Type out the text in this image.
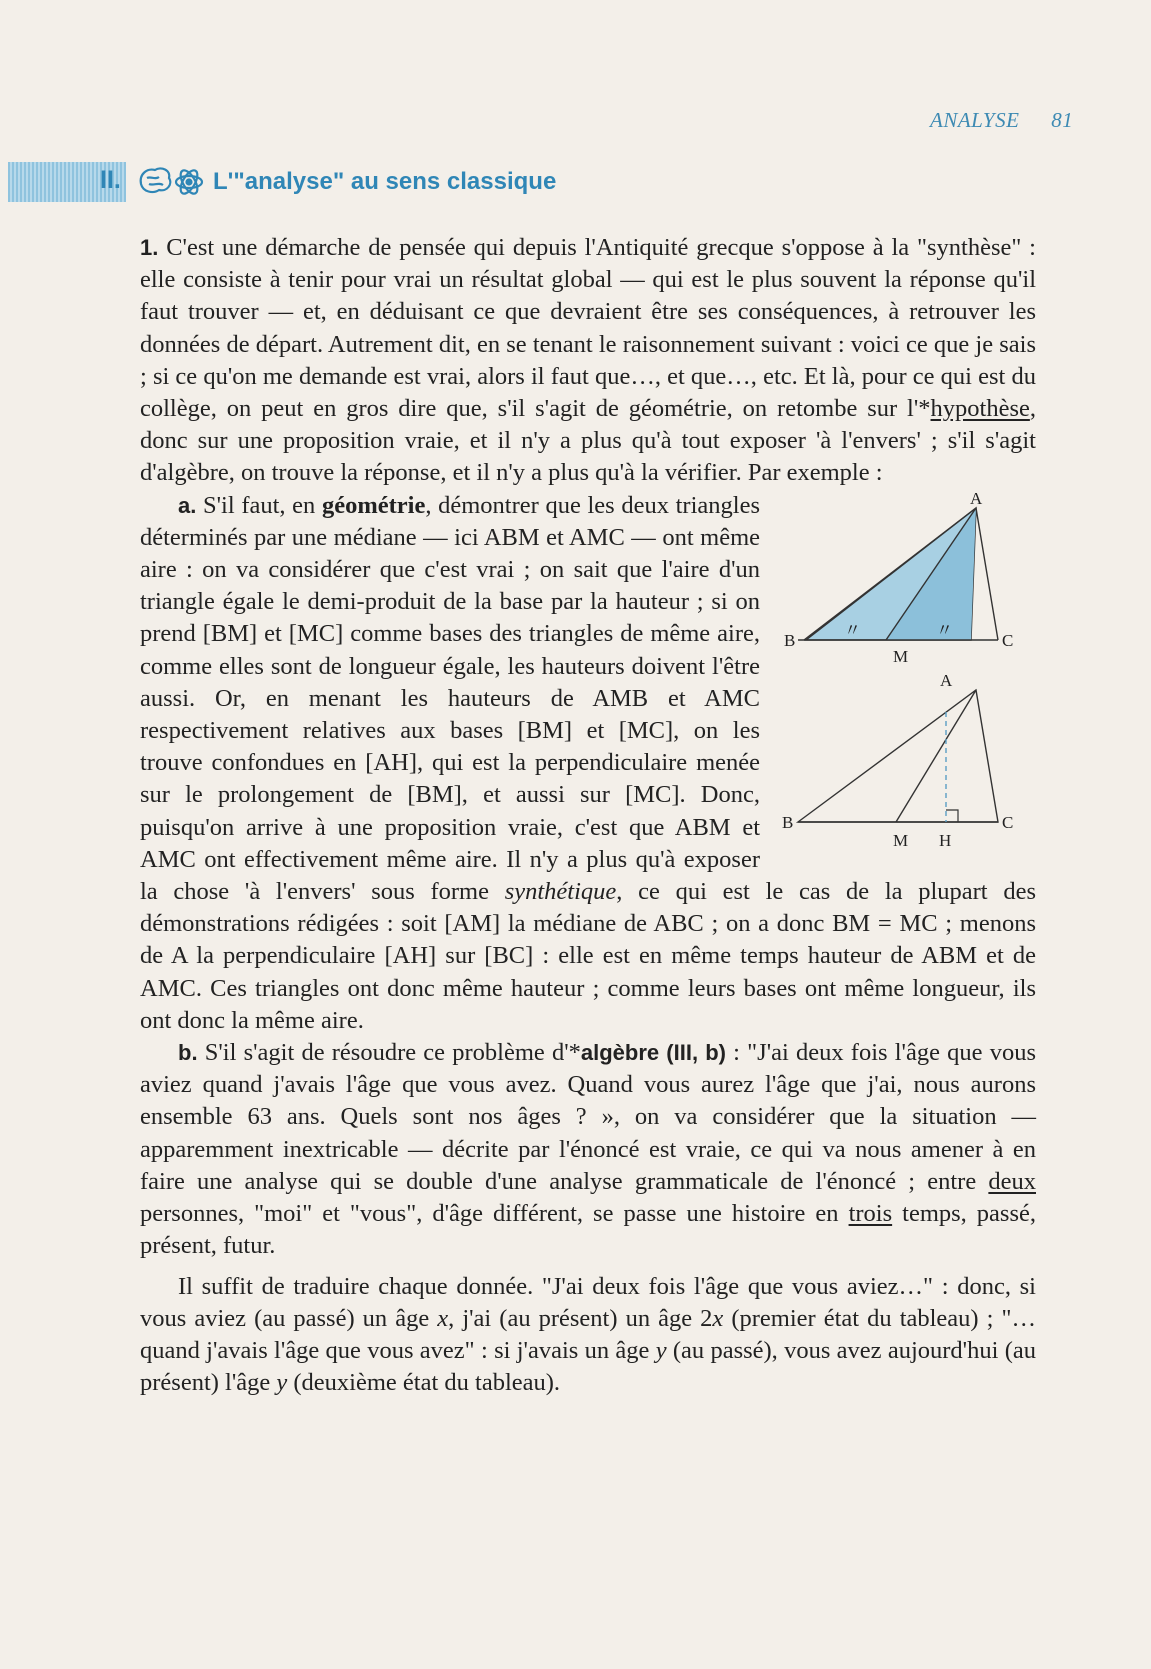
ANALYSE 81
II.	L'"analyse" au sens classique

1. C'est une démarche de pensée qui depuis l'Antiquité grecque s'oppose à la "synthèse" : elle consiste à tenir pour vrai un résultat global — qui est le plus souvent la réponse qu'il faut trouver — et, en déduisant ce que devraient être ses conséquences, à retrouver les données de départ. Autrement dit, en se tenant le raisonnement suivant : voici ce que je sais ; si ce qu'on me demande est vrai, alors il faut que…, et que…, etc. Et là, pour ce qui est du collège, on peut en gros dire que, s'il s'agit de géométrie, on retombe sur l'*hypothèse, donc sur une proposition vraie, et il n'y a plus qu'à tout exposer 'à l'envers' ; s'il s'agit d'algèbre, on trouve la réponse, et il n'y a plus qu'à la vérifier. Par exemple :

〃	〃
A
B
M
C
A
B
M H
C

a. S'il faut, en géométrie, démontrer que les deux triangles déterminés par une médiane — ici ABM et AMC — ont même aire : on va considérer que c'est vrai ; on sait que l'aire d'un triangle égale le demi-produit de la base par la hauteur ; si on prend [BM] et [MC] comme bases des triangles de même aire, comme elles sont de longueur égale, les hauteurs doivent l'être aussi. Or, en menant les hauteurs de AMB et AMC respectivement relatives aux bases [BM] et [MC], on les trouve confondues en [AH], qui est la perpendiculaire menée sur le prolongement de [BM], et aussi sur [MC]. Donc, puisqu'on arrive à une proposition vraie, c'est que ABM et AMC ont effectivement même aire. Il n'y a plus qu'à exposer la chose 'à l'envers' sous forme synthétique, ce qui est le cas de la plupart des démonstrations rédigées : soit [AM] la médiane de ABC ; on a donc BM = MC ; menons de A la perpendiculaire [AH] sur [BC] : elle est en même temps hauteur de ABM et de AMC. Ces triangles ont donc même hauteur ; comme leurs bases ont même longueur, ils ont donc la même aire.

b. S'il s'agit de résoudre ce problème d'*algèbre (III, b) : "J'ai deux fois l'âge que vous aviez quand j'avais l'âge que vous avez. Quand vous aurez l'âge que j'ai, nous aurons ensemble 63 ans. Quels sont nos âges ? », on va considérer que la situation — apparemment inextricable — décrite par l'énoncé est vraie, ce qui va nous amener à en faire une analyse qui se double d'une analyse grammaticale de l'énoncé ; entre deux personnes, "moi" et "vous", d'âge différent, se passe une histoire en trois temps, passé, présent, futur.

Il suffit de traduire chaque donnée. "J'ai deux fois l'âge que vous aviez…" : donc, si vous aviez (au passé) un âge x, j'ai (au présent) un âge 2x (premier état du tableau) ; "… quand j'avais l'âge que vous avez" : si j'avais un âge y (au passé), vous avez aujourd'hui (au présent) l'âge y (deuxième état du tableau).
